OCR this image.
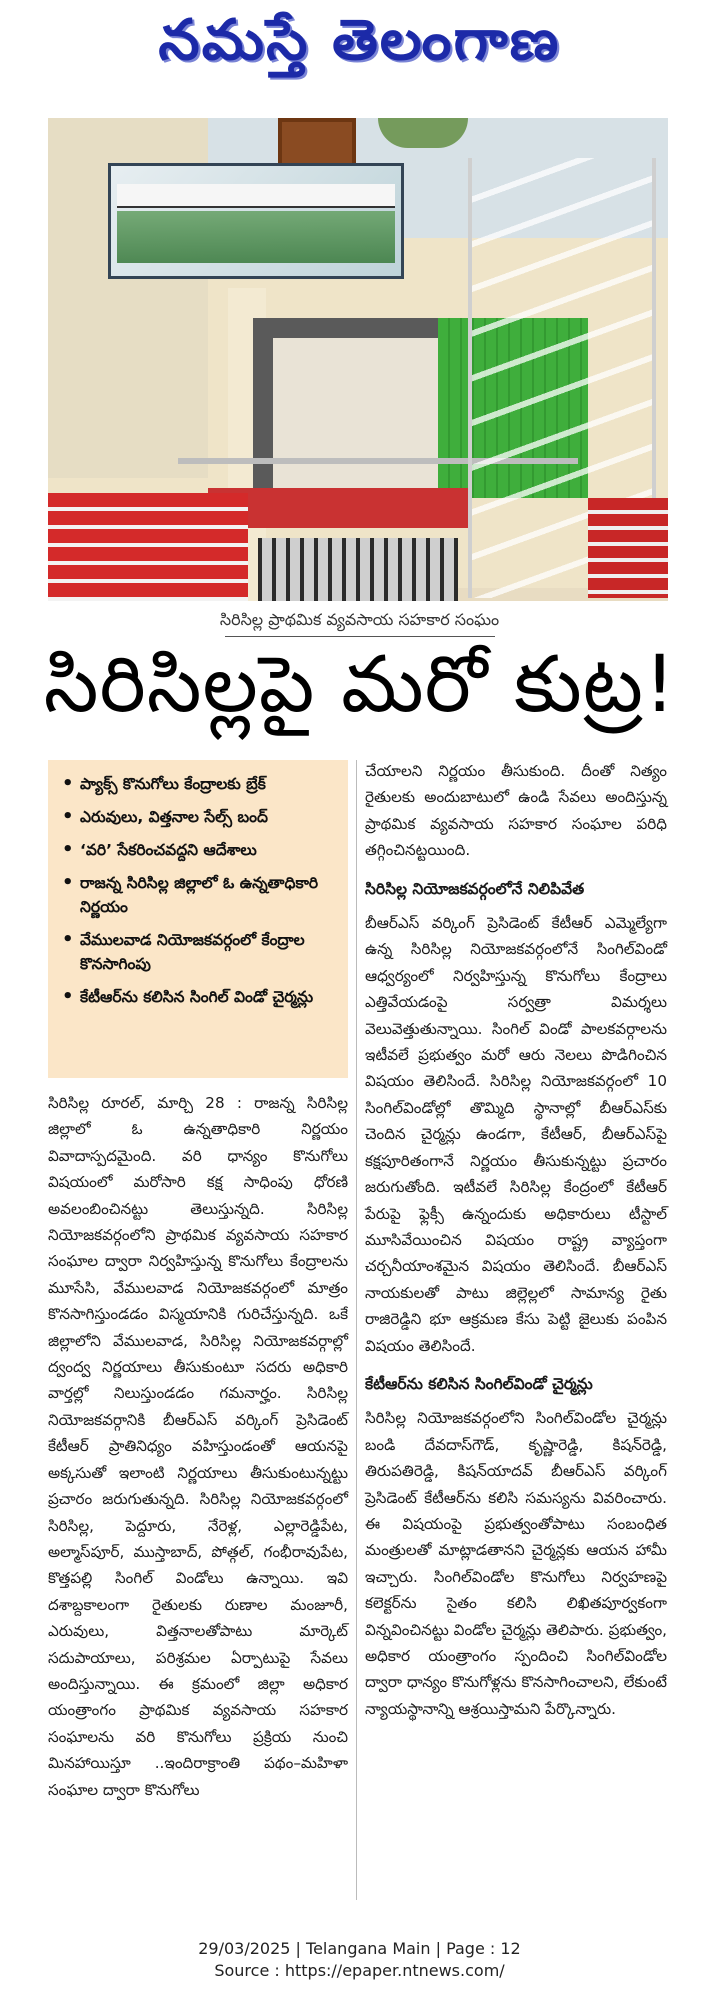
నమస్తే తెలంగాణ
సిరిసిల్ల ప్రాథమిక వ్యవసాయ సహకార సంఘం
సిరిసిల్లపై మరో కుట్ర!
• ప్యాక్స్ కొనుగోలు కేంద్రాలకు బ్రేక్
• ఎరువులు, విత్తనాల సేల్స్ బంద్
• ‘వరి’ సేకరించవద్దని ఆదేశాలు
• రాజన్న సిరిసిల్ల జిల్లాలో ఓ ఉన్నతాధికారి నిర్ణయం
• వేములవాడ నియోజకవర్గంలో కేంద్రాల కొనసాగింపు
• కేటీఆర్‌ను కలిసిన సింగిల్ విండో చైర్మన్లు

సిరిసిల్ల రూరల్, మార్చి 28 : రాజన్న సిరిసిల్ల జిల్లాలో ఓ ఉన్నతాధికారి నిర్ణయం వివాదాస్పదమైంది. వరి ధాన్యం కొనుగోలు విషయంలో మరోసారి కక్ష సాధింపు ధోరణి అవలంబించినట్టు తెలుస్తున్నది. సిరిసిల్ల నియోజకవర్గంలోని ప్రాథమిక వ్యవసాయ సహకార సంఘాల ద్వారా నిర్వహిస్తున్న కొనుగోలు కేంద్రాలను మూసేసి, వేములవాడ నియోజకవర్గంలో మాత్రం కొనసాగిస్తుండడం విస్మయానికి గురిచేస్తున్నది. ఒకే జిల్లాలోని వేములవాడ, సిరిసిల్ల నియోజకవర్గాల్లో ద్వంద్వ నిర్ణయాలు తీసుకుంటూ సదరు అధికారి వార్తల్లో నిలుస్తుండడం గమనార్హం. సిరిసిల్ల నియోజకవర్గానికి బీఆర్‌ఎస్ వర్కింగ్ ప్రెసిడెంట్ కేటీఆర్ ప్రాతినిధ్యం వహిస్తుండంతో ఆయనపై అక్కసుతో ఇలాంటి నిర్ణయాలు తీసుకుంటున్నట్టు ప్రచారం జరుగుతున్నది. సిరిసిల్ల నియోజకవర్గంలో సిరిసిల్ల, పెద్దూరు, నేరెళ్ల, ఎల్లారెడ్డిపేట, అల్మాస్‌పూర్, ముస్తాబాద్, పోత్గల్, గంభీరావుపేట, కొత్తపల్లి సింగిల్ విండోలు ఉన్నాయి. ఇవి దశాబ్దకాలంగా రైతులకు రుణాల మంజూరీ, ఎరువులు, విత్తనాలతోపాటు మార్కెట్ సదుపాయాలు, పరిశ్రమల ఏర్పాటుపై సేవలు అందిస్తున్నాయి. ఈ క్రమంలో జిల్లా అధికార యంత్రాంగం ప్రాథమిక వ్యవసాయ సహకార సంఘాలను వరి కొనుగోలు ప్రక్రియ నుంచి మినహాయిస్తూ ..ఇందిరాక్రాంతి పథం–మహిళా సంఘాల ద్వారా కొనుగోలు

చేయాలని నిర్ణయం తీసుకుంది. దీంతో నిత్యం రైతులకు అందుబాటులో ఉండి సేవలు అందిస్తున్న ప్రాథమిక వ్యవసాయ సహకార సంఘాల పరిధి తగ్గించినట్టయింది.

సిరిసిల్ల నియోజకవర్గంలోనే నిలిపివేత

బీఆర్‌ఎస్ వర్కింగ్ ప్రెసిడెంట్ కేటీఆర్ ఎమ్మెల్యేగా ఉన్న సిరిసిల్ల నియోజకవర్గంలోనే సింగిల్‌విండో ఆధ్వర్యంలో నిర్వహిస్తున్న కొనుగోలు కేంద్రాలు ఎత్తివేయడంపై సర్వత్రా విమర్శలు వెలువెత్తుతున్నాయి. సింగిల్ విండో పాలకవర్గాలను ఇటీవలే ప్రభుత్వం మరో ఆరు నెలలు పొడిగించిన విషయం తెలిసిందే. సిరిసిల్ల నియోజకవర్గంలో 10 సింగిల్‌విండోల్లో తొమ్మిది స్థానాల్లో బీఆర్‌ఎస్‌కు చెందిన చైర్మన్లు ఉండగా, కేటీఆర్, బీఆర్‌ఎస్‌పై కక్షపూరితంగానే నిర్ణయం తీసుకున్నట్టు ప్రచారం జరుగుతోంది. ఇటీవలే సిరిసిల్ల కేంద్రంలో కేటీఆర్ పేరుపై ఫ్లెక్సీ ఉన్నందుకు అధికారులు టీస్టాల్ మూసివేయించిన విషయం రాష్ట్ర వ్యాప్తంగా చర్చనీయాంశమైన విషయం తెలిసిందే. బీఆర్‌ఎస్ నాయకులతో పాటు జిల్లెల్లలో సామాన్య రైతు రాజిరెడ్డిని భూ ఆక్రమణ కేసు పెట్టి జైలుకు పంపిన విషయం తెలిసిందే.

కేటీఆర్‌ను కలిసిన సింగిల్‌విండో చైర్మన్లు

సిరిసిల్ల నియోజకవర్గంలోని సింగిల్‌విండోల చైర్మన్లు బండి దేవదాస్‌గౌడ్, కృష్ణారెడ్డి, కిషన్‌రెడ్డి, తిరుపతిరెడ్డి, కిషన్‌యాదవ్ బీఆర్‌ఎస్ వర్కింగ్ ప్రెసిడెంట్ కేటీఆర్‌ను కలిసి సమస్యను వివరించారు. ఈ విషయంపై ప్రభుత్వంతోపాటు సంబంధిత మంత్రులతో మాట్లాడతానని చైర్మన్లకు ఆయన హామీ ఇచ్చారు. సింగిల్‌విండోల కొనుగోలు నిర్వహణపై కలెక్టర్‌ను సైతం కలిసి లిఖితపూర్వకంగా విన్నవించినట్టు విండోల చైర్మన్లు తెలిపారు. ప్రభుత్వం, అధికార యంత్రాంగం స్పందించి సింగిల్‌విండోల ద్వారా ధాన్యం కొనుగోళ్లను కొనసాగించాలని, లేకుంటే న్యాయస్థానాన్ని ఆశ్రయిస్తామని పేర్కొన్నారు.

29/03/2025 | Telangana Main | Page : 12
Source : https://epaper.ntnews.com/
